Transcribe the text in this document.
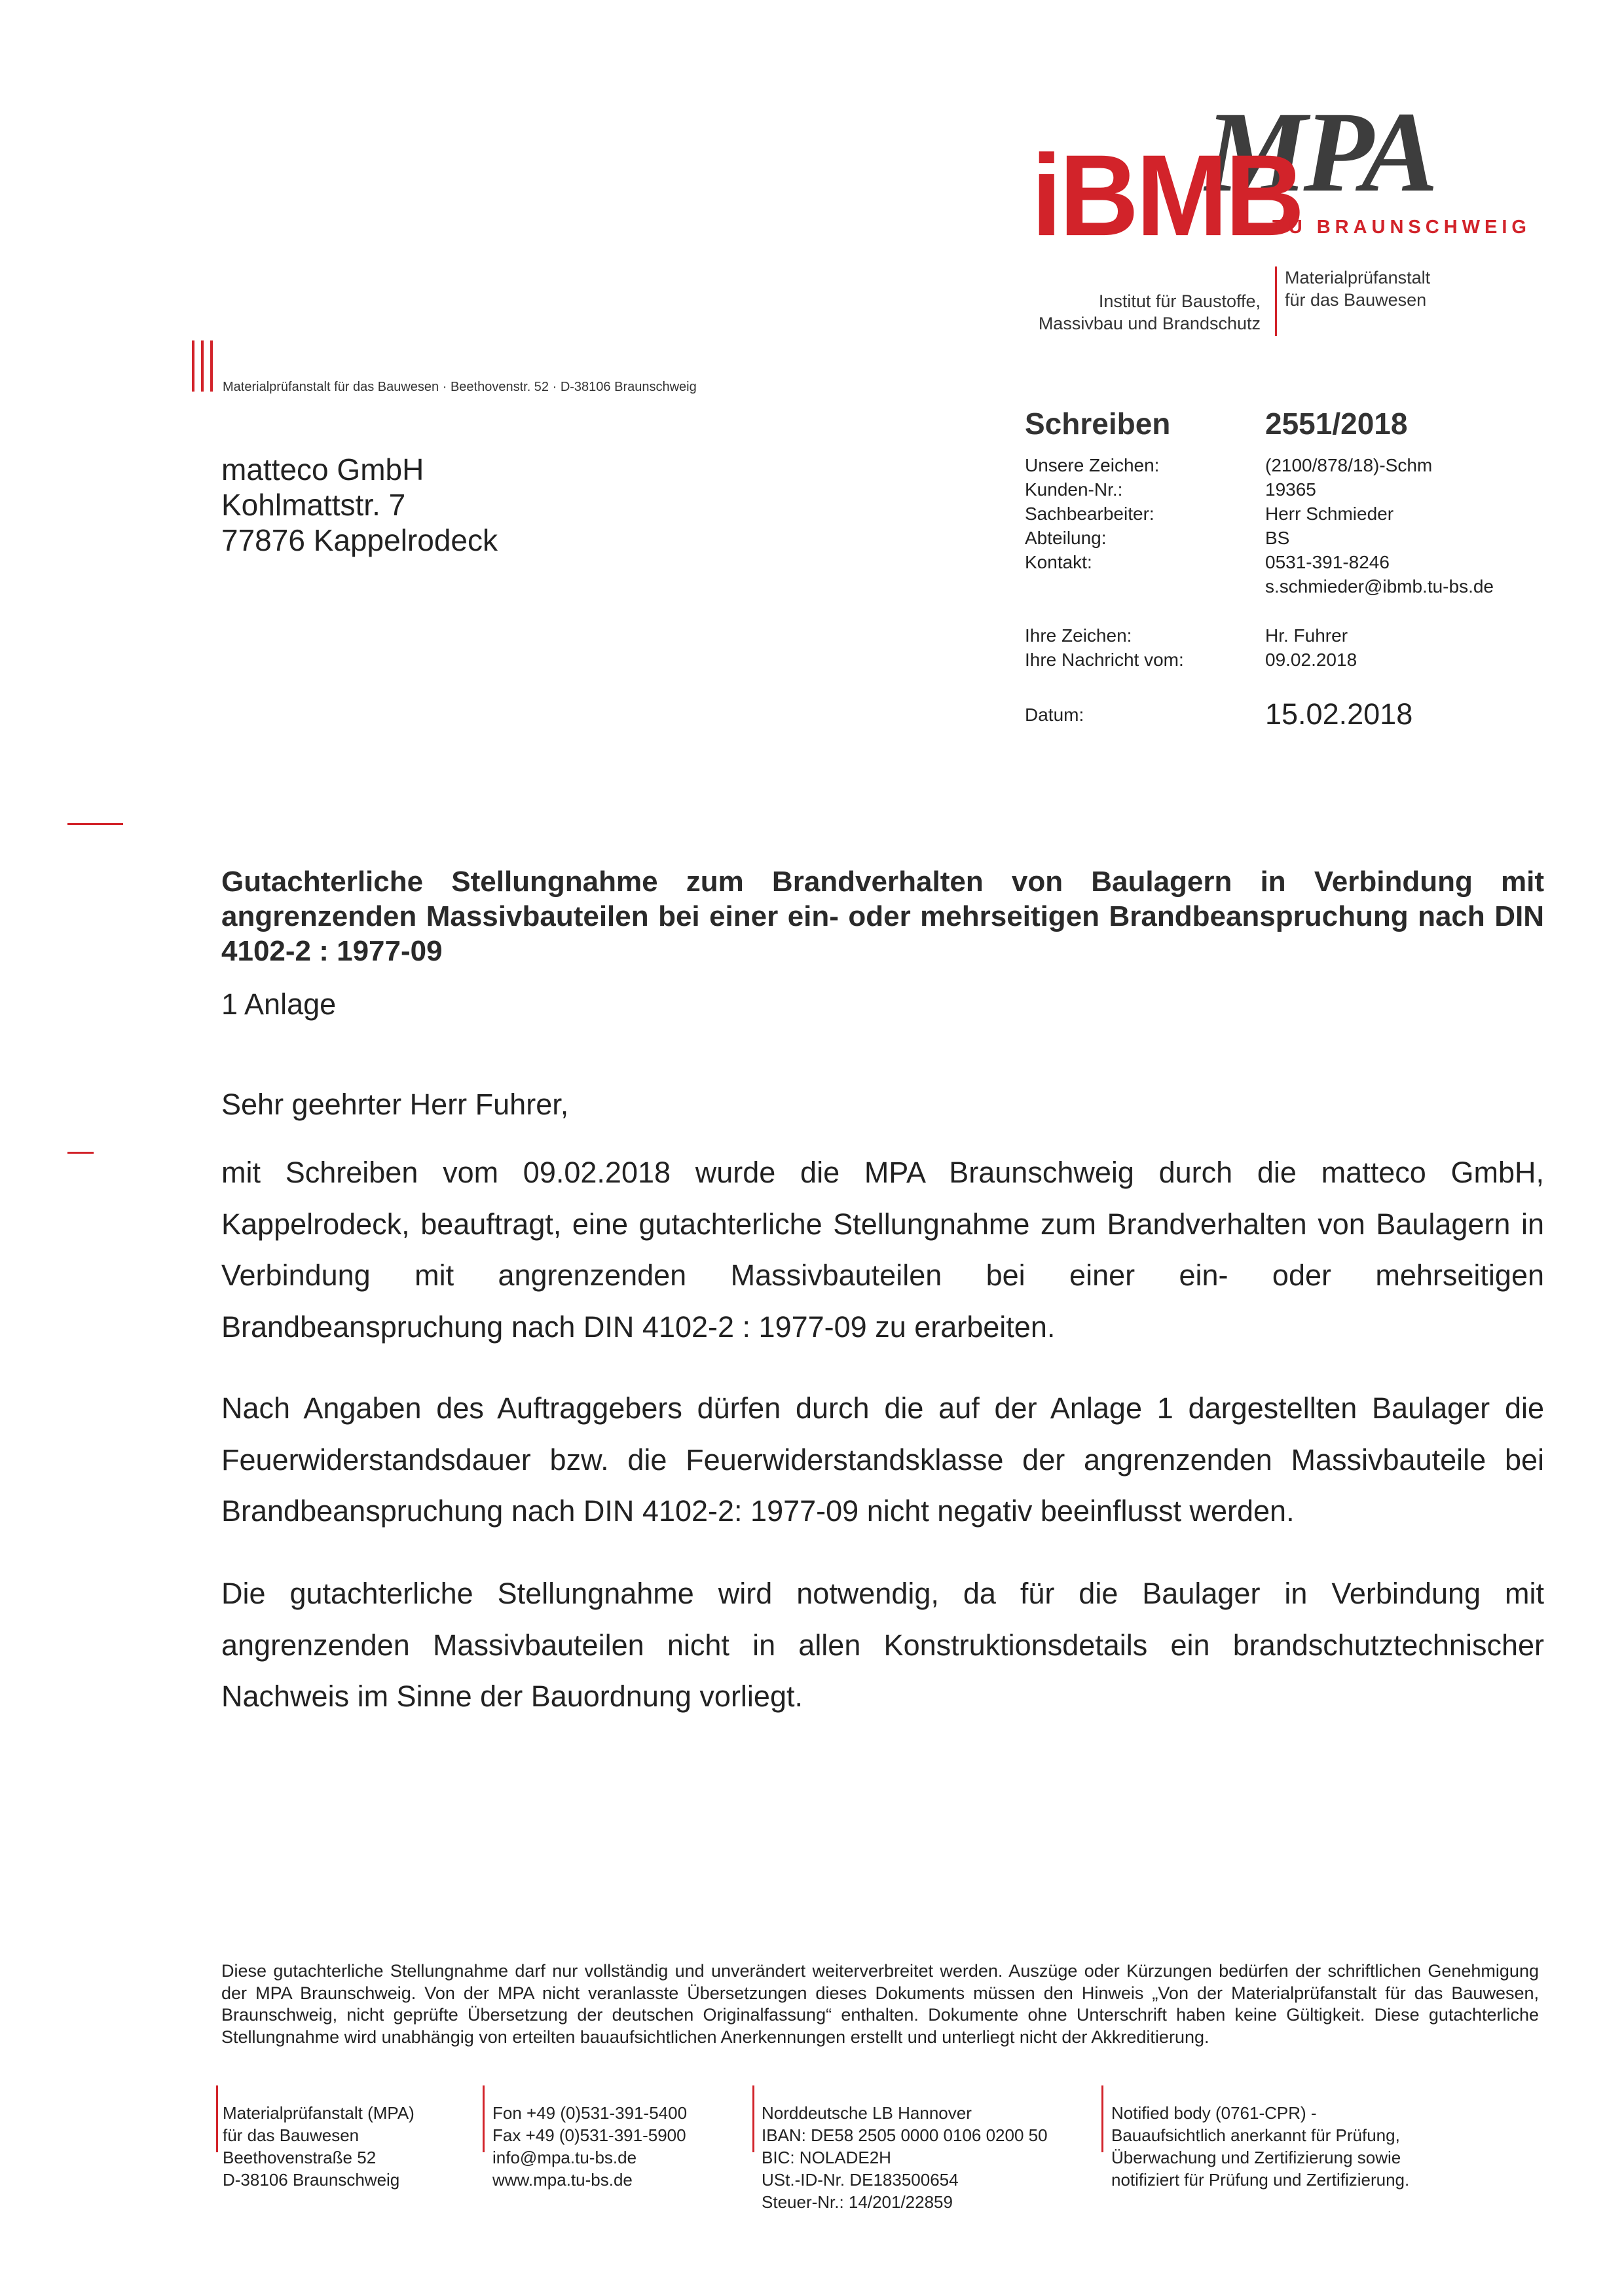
MPA
iBMB
TU BRAUNSCHWEIG
Institut für Baustoffe,
Massivbau und Brandschutz
Materialprüfanstalt
für das Bauwesen
Materialprüfanstalt für das Bauwesen · Beethovenstr. 52 · D-38106 Braunschweig
Schreiben	2551/2018
Unsere Zeichen:	(2100/878/18)-Schm
Kunden-Nr.:	19365
Sachbearbeiter:	Herr Schmieder
Abteilung:	BS
Kontakt:	0531-391-8246
s.schmieder@ibmb.tu-bs.de
Ihre Zeichen:	Hr. Fuhrer
Ihre Nachricht vom:	09.02.2018
Datum:	15.02.2018
matteco GmbH
Kohlmattstr. 7
77876 Kappelrodeck
Gutachterliche Stellungnahme zum Brandverhalten von Baulagern in Verbindung mit angrenzenden Massivbauteilen bei einer ein- oder mehrseitigen Brandbeanspruchung nach DIN 4102-2 : 1977-09
1 Anlage
Sehr geehrter Herr Fuhrer,
mit Schreiben vom 09.02.2018 wurde die MPA Braunschweig durch die matteco GmbH, Kappelrodeck, beauftragt, eine gutachterliche Stellungnahme zum Brandverhalten von Baulagern in Verbindung mit angrenzenden Massivbauteilen bei einer ein- oder mehrseitigen Brandbeanspruchung nach DIN 4102-2 : 1977-09 zu erarbeiten.
Nach Angaben des Auftraggebers dürfen durch die auf der Anlage 1 dargestellten Baulager die Feuerwiderstandsdauer bzw. die Feuerwiderstandsklasse der angrenzenden Massivbauteile bei Brandbeanspruchung nach DIN 4102-2: 1977-09 nicht negativ beeinflusst werden.
Die gutachterliche Stellungnahme wird notwendig, da für die Baulager in Verbindung mit angrenzenden Massivbauteilen nicht in allen Konstruktionsdetails ein brandschutztechnischer Nachweis im Sinne der Bauordnung vorliegt.
Diese gutachterliche Stellungnahme darf nur vollständig und unverändert weiterverbreitet werden. Auszüge oder Kürzungen bedürfen der schriftlichen Genehmigung der MPA Braunschweig. Von der MPA nicht veranlasste Übersetzungen dieses Dokuments müssen den Hinweis „Von der Materialprüfanstalt für das Bauwesen, Braunschweig, nicht geprüfte Übersetzung der deutschen Originalfassung“ enthalten. Dokumente ohne Unterschrift haben keine Gültigkeit. Diese gutachterliche Stellungnahme wird unabhängig von erteilten bauaufsichtlichen Anerkennungen erstellt und unterliegt nicht der Akkreditierung.
Materialprüfanstalt (MPA)
für das Bauwesen
Beethovenstraße 52
D-38106 Braunschweig
Fon +49 (0)531-391-5400
Fax +49 (0)531-391-5900
info@mpa.tu-bs.de
www.mpa.tu-bs.de
Norddeutsche LB Hannover
IBAN: DE58 2505 0000 0106 0200 50
BIC: NOLADE2H
USt.-ID-Nr. DE183500654
Steuer-Nr.: 14/201/22859
Notified body (0761-CPR) -
Bauaufsichtlich anerkannt für Prüfung,
Überwachung und Zertifizierung sowie
notifiziert für Prüfung und Zertifizierung.
